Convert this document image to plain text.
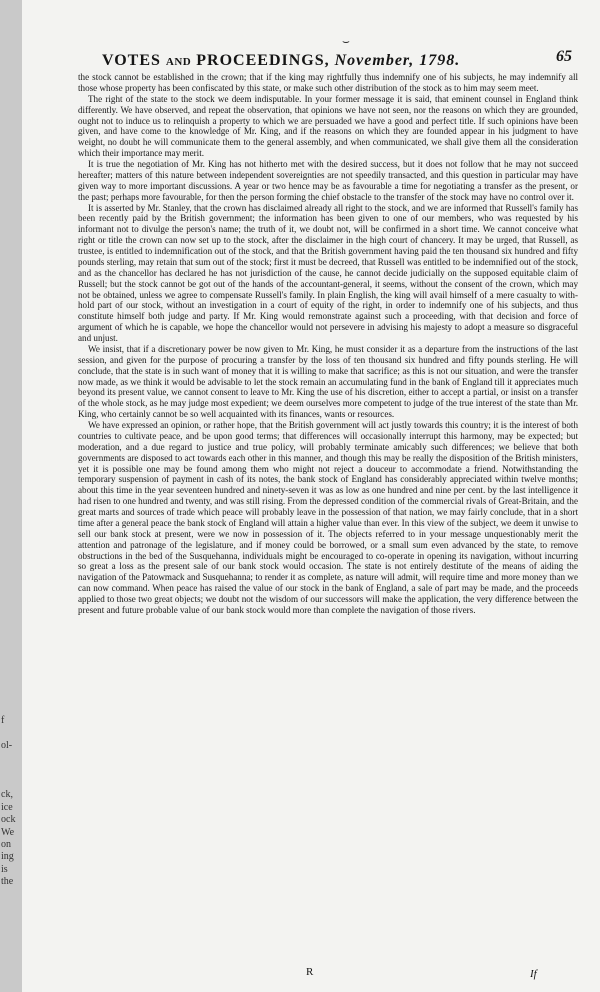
f
ol-
ck,
ice
ock
We
on
ing
is
the
⌣
VOTES AND PROCEEDINGS, November, 1798.	65

the stock cannot be established in the crown; that if the king may rightfully thus indemnify one of his subjects, he may indemnify all those whose property has been confiscated by this state, or make such other distribution of the stock as to him may seem meet.

The right of the state to the stock we deem indisputable. In your former message it is said, that eminent counsel in England think differently. We have observed, and repeat the observation, that opinions we have not seen, nor the reasons on which they are grounded, ought not to induce us to relinquish a property to which we are persuaded we have a good and perfect title. If such opinions have been given, and have come to the knowledge of Mr. King, and if the reasons on which they are founded appear in his judgment to have weight, no doubt he will communicate them to the general assembly, and when communicated, we shall give them all the consideration which their importance may merit.

It is true the negotiation of Mr. King has not hitherto met with the desired success, but it does not follow that he may not succeed hereafter; matters of this nature between independent sovereignties are not speedily transacted, and this question in particular may have given way to more important discussions. A year or two hence may be as favourable a time for negotiating a transfer as the present, or the past; perhaps more favourable, for then the person forming the chief obstacle to the transfer of the stock may have no control over it.

It is asserted by Mr. Stanley, that the crown has disclaimed already all right to the stock, and we are informed that Russell's family has been recently paid by the British government; the information has been given to one of our members, who was requested by his informant not to divulge the person's name; the truth of it, we doubt not, will be confirmed in a short time. We cannot conceive what right or title the crown can now set up to the stock, after the disclaimer in the high court of chancery. It may be urged, that Russell, as trustee, is entitled to indemnification out of the stock, and that the British government having paid the ten thousand six hundred and fifty pounds sterling, may retain that sum out of the stock; first it must be decreed, that Russell was entitled to be indemnified out of the stock, and as the chancellor has declared he has not jurisdiction of the cause, he cannot decide judicially on the supposed equitable claim of Russell; but the stock cannot be got out of the hands of the accountant-general, it seems, without the consent of the crown, which may not be obtained, unless we agree to compensate Russell's family. In plain English, the king will avail himself of a mere casualty to with-hold part of our stock, without an investigation in a court of equity of the right, in order to indemnify one of his subjects, and thus constitute himself both judge and party. If Mr. King would remonstrate against such a proceeding, with that decision and force of argument of which he is capable, we hope the chancellor would not persevere in advising his majesty to adopt a measure so disgraceful and unjust.

We insist, that if a discretionary power be now given to Mr. King, he must consider it as a departure from the instructions of the last session, and given for the purpose of procuring a transfer by the loss of ten thousand six hundred and fifty pounds sterling. He will conclude, that the state is in such want of money that it is willing to make that sacrifice; as this is not our situation, and were the transfer now made, as we think it would be advisable to let the stock remain an accumulating fund in the bank of England till it appreciates much beyond its present value, we cannot consent to leave to Mr. King the use of his discretion, either to accept a partial, or insist on a transfer of the whole stock, as he may judge most expedient; we deem ourselves more competent to judge of the true interest of the state than Mr. King, who certainly cannot be so well acquainted with its finances, wants or resources.

We have expressed an opinion, or rather hope, that the British government will act justly towards this country; it is the interest of both countries to cultivate peace, and be upon good terms; that differences will occasionally interrupt this harmony, may be expected; but moderation, and a due regard to justice and true policy, will probably terminate amicably such differences; we believe that both governments are disposed to act towards each other in this manner, and though this may be really the disposition of the British ministers, yet it is possible one may be found among them who might not reject a douceur to accommodate a friend. Notwithstanding the temporary suspension of payment in cash of its notes, the bank stock of England has considerably appreciated within twelve months; about this time in the year seventeen hundred and ninety-seven it was as low as one hundred and nine per cent. by the last intelligence it had risen to one hundred and twenty, and was still rising. From the depressed condition of the commercial rivals of Great-Britain, and the great marts and sources of trade which peace will probably leave in the possession of that nation, we may fairly conclude, that in a short time after a general peace the bank stock of England will attain a higher value than ever. In this view of the subject, we deem it unwise to sell our bank stock at present, were we now in possession of it. The objects referred to in your message unquestionably merit the attention and patronage of the legislature, and if money could be borrowed, or a small sum even advanced by the state, to remove obstructions in the bed of the Susquehanna, individuals might be encouraged to co-operate in opening its navigation, without incurring so great a loss as the present sale of our bank stock would occasion. The state is not entirely destitute of the means of aiding the navigation of the Patowmack and Susquehanna; to render it as complete, as nature will admit, will require time and more money than we can now command. When peace has raised the value of our stock in the bank of England, a sale of part may be made, and the proceeds applied to those two great objects; we doubt not the wisdom of our successors will make the application, the very difference between the present and future probable value of our bank stock would more than complete the navigation of those rivers.

R	If
